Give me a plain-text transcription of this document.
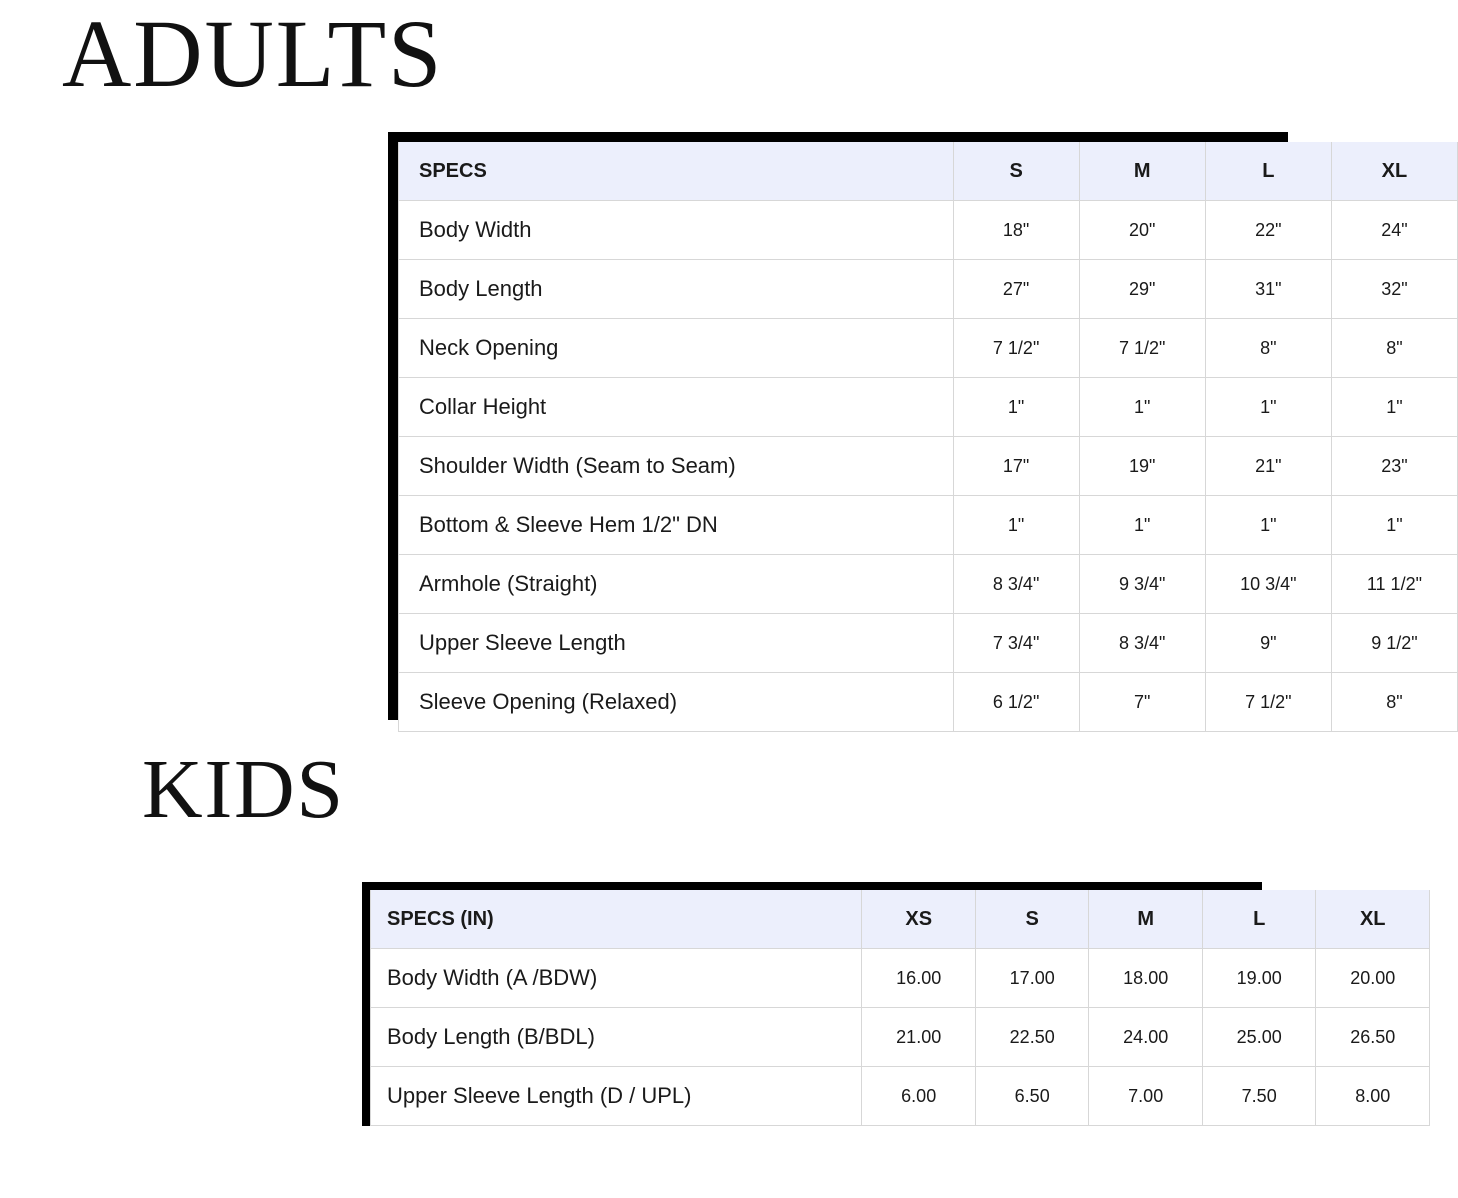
ADULTS
SPECS	S	M	L	XL
Body Width	18"	20"	22"	24"
Body Length	27"	29"	31"	32"
Neck Opening	7 1/2"	7 1/2"	8"	8"
Collar Height	1"	1"	1"	1"
Shoulder Width (Seam to Seam)	17"	19"	21"	23"
Bottom & Sleeve Hem 1/2" DN	1"	1"	1"	1"
Armhole (Straight)	8 3/4"	9 3/4"	10 3/4"	11 1/2"
Upper Sleeve Length	7 3/4"	8 3/4"	9"	9 1/2"
Sleeve Opening (Relaxed)	6 1/2"	7"	7 1/2"	8"
KIDS
SPECS (IN)	XS	S	M	L	XL
Body Width (A /BDW)	16.00	17.00	18.00	19.00	20.00
Body Length (B/BDL)	21.00	22.50	24.00	25.00	26.50
Upper Sleeve Length (D / UPL)	6.00	6.50	7.00	7.50	8.00
